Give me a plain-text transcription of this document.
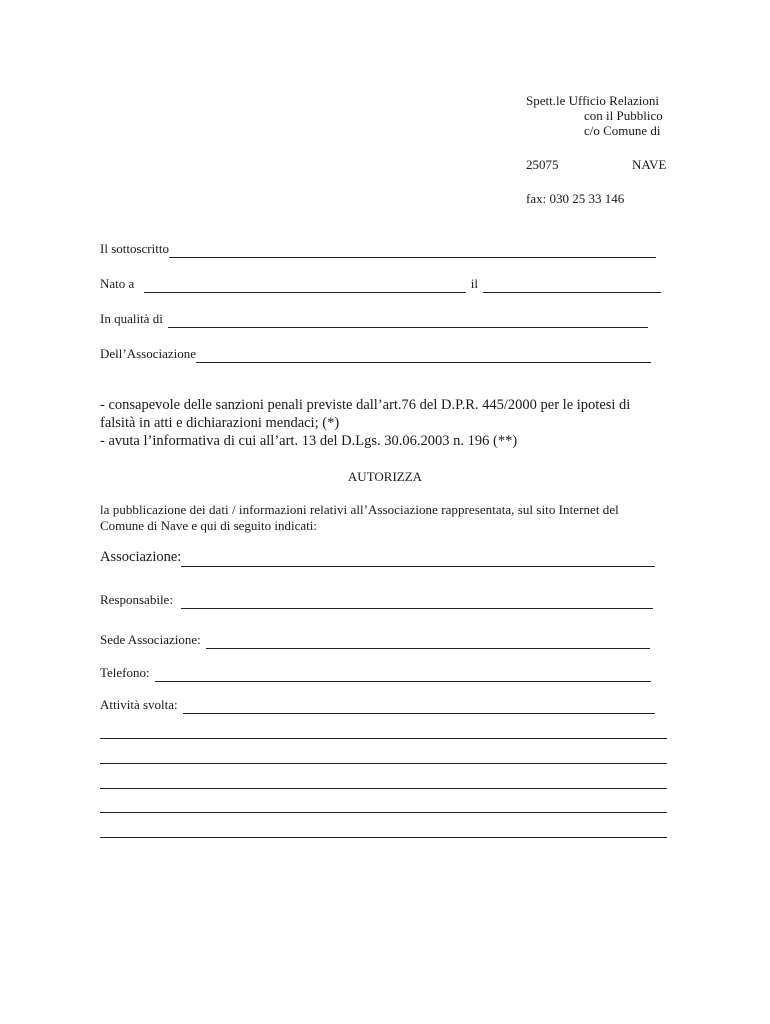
Spett.le Ufficio Relazioni
con il Pubblico
c/o Comune di
25075	NAVE
fax: 030 25 33 146
Il sottoscritto
Nato a	il
In qualità di
Dell’Associazione
- consapevole delle sanzioni penali previste dall’art.76 del D.P.R. 445/2000 per le ipotesi di
falsità in atti e dichiarazioni mendaci; (*)
- avuta l’informativa di cui all’art. 13 del D.Lgs. 30.06.2003 n. 196 (**)
AUTORIZZA
la pubblicazione dei dati / informazioni relativi all’Associazione rappresentata, sul sito Internet del
Comune di Nave e qui di seguito indicati:
Associazione:
Responsabile:
Sede Associazione:
Telefono:
Attività svolta:
